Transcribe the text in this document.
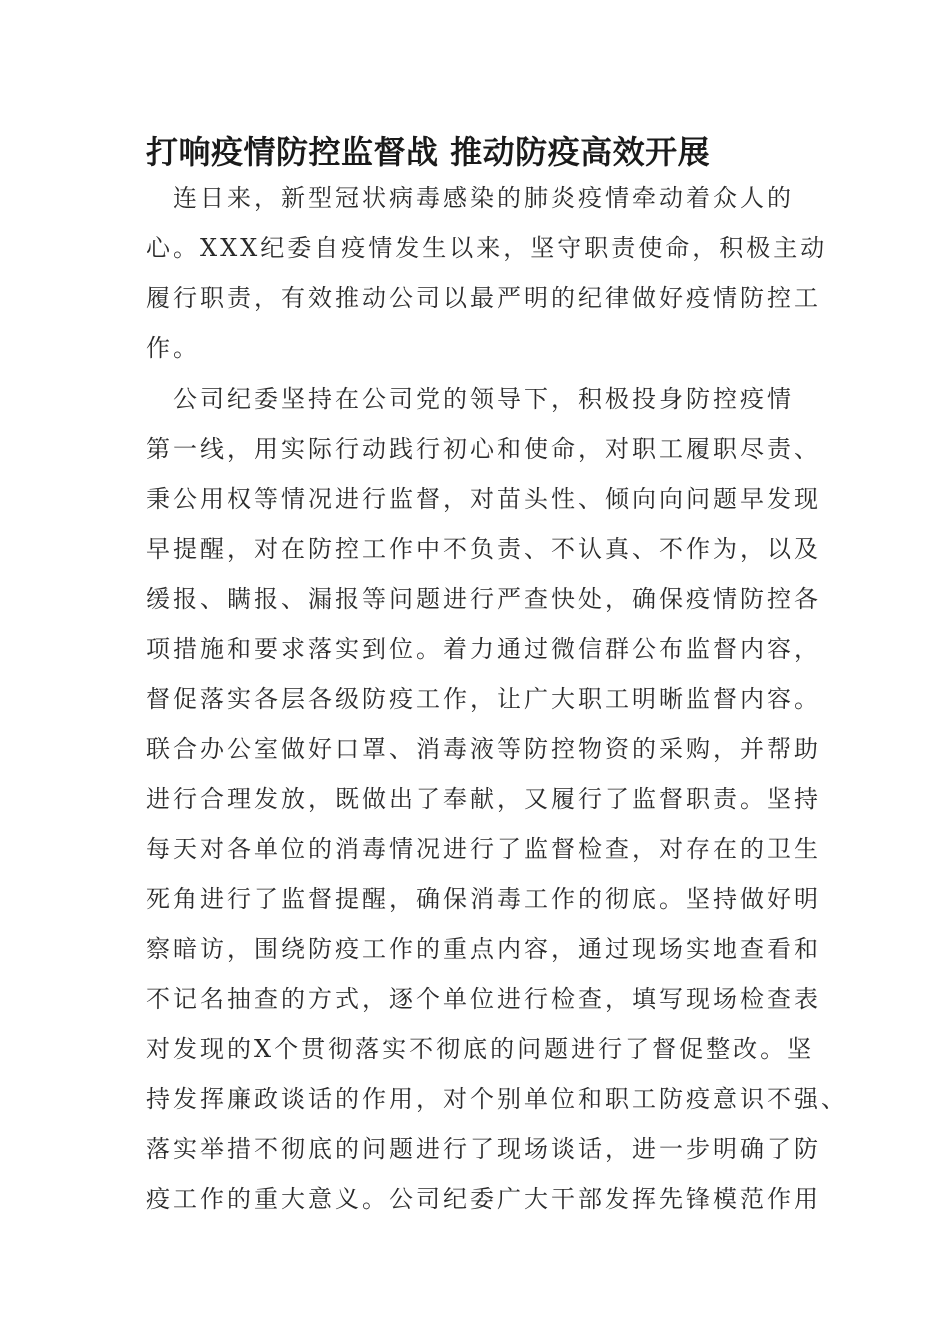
打响疫情防控监督战 推动防疫高效开展
　连日来，新型冠状病毒感染的肺炎疫情牵动着众人的
心。XXX纪委自疫情发生以来，坚守职责使命，积极主动
履行职责，有效推动公司以最严明的纪律做好疫情防控工
作。
　公司纪委坚持在公司党的领导下，积极投身防控疫情
第一线，用实际行动践行初心和使命，对职工履职尽责、
秉公用权等情况进行监督，对苗头性、倾向向问题早发现
早提醒，对在防控工作中不负责、不认真、不作为，以及
缓报、瞒报、漏报等问题进行严查快处，确保疫情防控各
项措施和要求落实到位。着力通过微信群公布监督内容，
督促落实各层各级防疫工作，让广大职工明晰监督内容。
联合办公室做好口罩、消毒液等防控物资的采购，并帮助
进行合理发放，既做出了奉献，又履行了监督职责。坚持
每天对各单位的消毒情况进行了监督检查，对存在的卫生
死角进行了监督提醒，确保消毒工作的彻底。坚持做好明
察暗访，围绕防疫工作的重点内容，通过现场实地查看和
不记名抽查的方式，逐个单位进行检查，填写现场检查表
对发现的X个贯彻落实不彻底的问题进行了督促整改。坚
持发挥廉政谈话的作用，对个别单位和职工防疫意识不强、
落实举措不彻底的问题进行了现场谈话，进一步明确了防
疫工作的重大意义。公司纪委广大干部发挥先锋模范作用
